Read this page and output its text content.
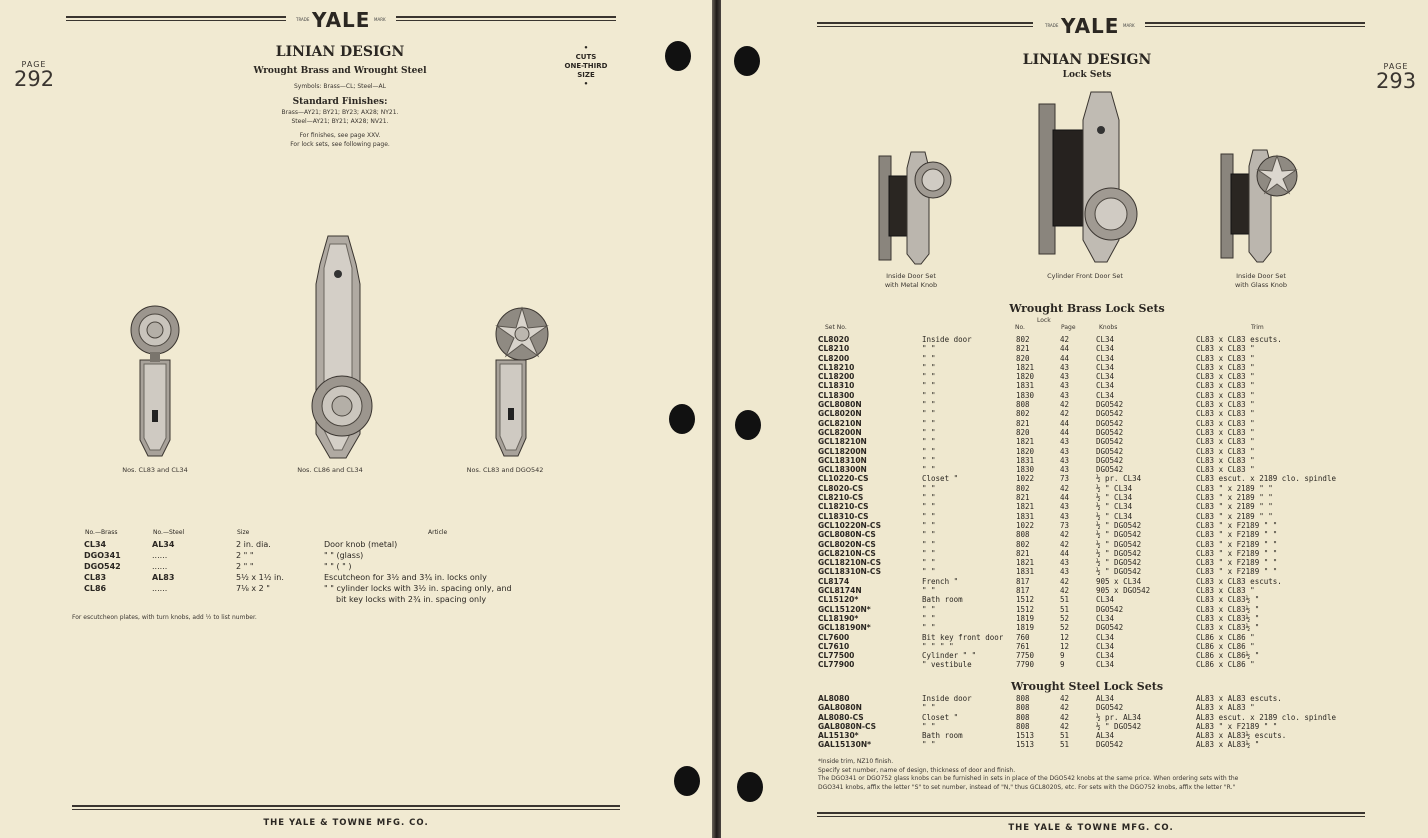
TRADE YALE MARK
PAGE
292
LINIAN DESIGN
Wrought Brass and Wrought Steel
Symbols: Brass—CL; Steel—AL
Standard Finishes:
Brass—AY21; BY21; BY23; AX28; NY21.
Steel—AY21; BY21; AX28; NV21.
For finishes, see page XXV.
For lock sets, see following page.
•
CUTS
ONE-THIRD
SIZE
•
Nos. CL83 and CL34	Nos. CL86 and CL34	Nos. CL83 and DGO542
No.—Brass	No.—Steel	Size	Article
CL34	AL34	2 in. dia.	Door knob (metal)
DGO341	......	2 " "	" " (glass)
DGO542	......	2 " "	" " ( " )
CL83	AL83	5½ x 1½ in.	Escutcheon for 3½ and 3¾ in. locks only
CL86	......	7⅛ x 2 "	" " cylinder locks with 3½ in. spacing only, and
			bit key locks with 2¾ in. spacing only
For escutcheon plates, with turn knobs, add ½ to list number.
THE YALE & TOWNE MFG. CO.
TRADE YALE MARK
PAGE
293
LINIAN DESIGN
Lock Sets
Inside Door Set
with Metal Knob
Cylinder Front Door Set	Inside Door Set
with Glass Knob
Wrought Brass Lock Sets
Set No.
Lock
No.	Page	Knobs	Trim
CL8020	Inside door	802	42	CL34	CL83 x CL83 escuts.
CL8210	" "	821	44	CL34	CL83 x CL83 "
CL8200	" "	820	44	CL34	CL83 x CL83 "
CL18210	" "	1821	43	CL34	CL83 x CL83 "
CL18200	" "	1820	43	CL34	CL83 x CL83 "
CL18310	" "	1831	43	CL34	CL83 x CL83 "
CL18300	" "	1830	43	CL34	CL83 x CL83 "
GCL8080N	" "	808	42	DGO542	CL83 x CL83 "
GCL8020N	" "	802	42	DGO542	CL83 x CL83 "
GCL8210N	" "	821	44	DGO542	CL83 x CL83 "
GCL8200N	" "	820	44	DGO542	CL83 x CL83 "
GCL18210N	" "	1821	43	DGO542	CL83 x CL83 "
GCL18200N	" "	1820	43	DGO542	CL83 x CL83 "
GCL18310N	" "	1831	43	DGO542	CL83 x CL83 "
GCL18300N	" "	1830	43	DGO542	CL83 x CL83 "
CL10220-CS	Closet "	1022	73	½ pr. CL34	CL83 escut. x 2189 clo. spindle
CL8020-CS	" "	802	42	½ " CL34	CL83 " x 2189 " "
CL8210-CS	" "	821	44	½ " CL34	CL83 " x 2189 " "
CL18210-CS	" "	1821	43	½ " CL34	CL83 " x 2189 " "
CL18310-CS	" "	1831	43	½ " CL34	CL83 " x 2189 " "
GCL10220N-CS	" "	1022	73	½ " DGO542	CL83 " x F2189 " "
GCL8080N-CS	" "	808	42	½ " DGO542	CL83 " x F2189 " "
GCL8020N-CS	" "	802	42	½ " DGO542	CL83 " x F2189 " "
GCL8210N-CS	" "	821	44	½ " DGO542	CL83 " x F2189 " "
GCL18210N-CS	" "	1821	43	½ " DGO542	CL83 " x F2189 " "
GCL18310N-CS	" "	1831	43	½ " DGO542	CL83 " x F2189 " "
CL8174	French "	817	42	905 x CL34	CL83 x CL83 escuts.
GCL8174N	" "	817	42	905 x DGO542	CL83 x CL83 "
CL15120*	Bath room	1512	51	CL34	CL83 x CL83½ "
GCL15120N*	" "	1512	51	DGO542	CL83 x CL83½ "
CL18190*	" "	1819	52	CL34	CL83 x CL83½ "
GCL18190N*	" "	1819	52	DGO542	CL83 x CL83½ "
CL7600	Bit key front door	760	12	CL34	CL86 x CL86 "
CL7610	" " " "	761	12	CL34	CL86 x CL86 "
CL77500	Cylinder " "	7750	9	CL34	CL86 x CL86½ "
CL77900	" vestibule	7790	9	CL34	CL86 x CL86 "
Wrought Steel Lock Sets
AL8080	Inside door	808	42	AL34	AL83 x AL83 escuts.
GAL8080N	" "	808	42	DGO542	AL83 x AL83 "
AL8080-CS	Closet "	808	42	½ pr. AL34	AL83 escut. x 2189 clo. spindle
GAL8080N-CS	" "	808	42	½ " DGO542	AL83 " x F2189 " "
AL15130*	Bath room	1513	51	AL34	AL83 x AL83½ escuts.
GAL15130N*	" "	1513	51	DGO542	AL83 x AL83½ "
*Inside trim, NZ10 finish.
Specify set number, name of design, thickness of door and finish.
The DGO341 or DGO752 glass knobs can be furnished in sets in place of the DGO542 knobs at the same price. When ordering sets with the
DGO341 knobs, affix the letter "S" to set number, instead of "N," thus GCL8020S, etc. For sets with the DGO752 knobs, affix the letter "R."
THE YALE & TOWNE MFG. CO.
